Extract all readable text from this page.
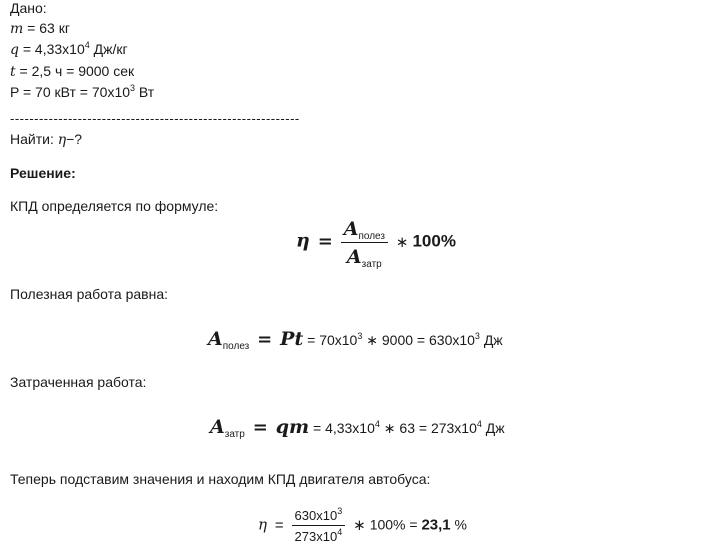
Дано:
m = 63 кг
$q = 4,33х10^4$ Дж/кг
t = 2,5 ч = 9000 сек
P = 70 кВт = $70х10^3$ Вт
------------------------------------------------------------
Найти: η−?
Решение:
КПД определяется по формуле:
$\eta = \frac{A_{полез}}{A_{затр}}$ ∗ 100%
Полезная работа равна:
$A_{полез} = Pt = 70х10^3$ ∗ $9000 = 630х10^3$ Дж
Затраченная работа:
$A_{затр}$ = qm = $4,33х10^4$ ∗ $63 = 273х10^4$ Дж
Теперь подставим значения и находим КПД двигателя автобуса:
$\eta = \frac{630х10^3}{273х10^4}$ ∗ 100% = 23,1 %
